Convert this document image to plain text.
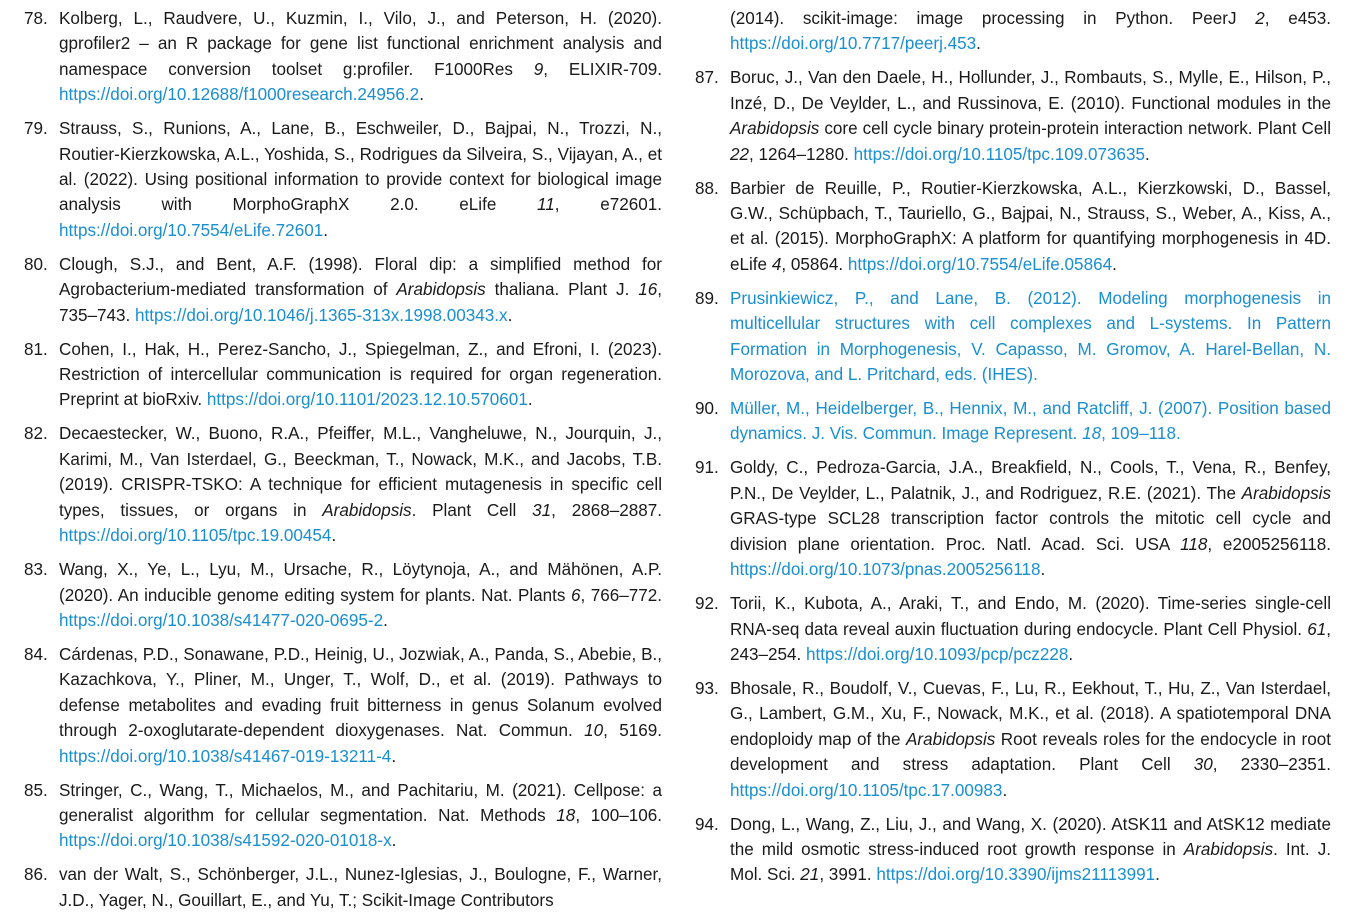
78. Kolberg, L., Raudvere, U., Kuzmin, I., Vilo, J., and Peterson, H. (2020). gprofiler2 – an R package for gene list functional enrichment analysis and namespace conversion toolset g:profiler. F1000Res 9, ELIXIR-709. https://doi.org/10.12688/f1000research.24956.2.
79. Strauss, S., Runions, A., Lane, B., Eschweiler, D., Bajpai, N., Trozzi, N., Routier-Kierzkowska, A.L., Yoshida, S., Rodrigues da Silveira, S., Vijayan, A., et al. (2022). Using positional information to provide context for biological image analysis with MorphoGraphX 2.0. eLife 11, e72601. https://doi.org/10.7554/eLife.72601.
80. Clough, S.J., and Bent, A.F. (1998). Floral dip: a simplified method for Agrobacterium-mediated transformation of Arabidopsis thaliana. Plant J. 16, 735–743. https://doi.org/10.1046/j.1365-313x.1998.00343.x.
81. Cohen, I., Hak, H., Perez-Sancho, J., Spiegelman, Z., and Efroni, I. (2023). Restriction of intercellular communication is required for organ regeneration. Preprint at bioRxiv. https://doi.org/10.1101/2023.12.10.570601.
82. Decaestecker, W., Buono, R.A., Pfeiffer, M.L., Vangheluwe, N., Jourquin, J., Karimi, M., Van Isterdael, G., Beeckman, T., Nowack, M.K., and Jacobs, T.B. (2019). CRISPR-TSKO: A technique for efficient mutagenesis in specific cell types, tissues, or organs in Arabidopsis. Plant Cell 31, 2868–2887. https://doi.org/10.1105/tpc.19.00454.
83. Wang, X., Ye, L., Lyu, M., Ursache, R., Löytynoja, A., and Mähönen, A.P. (2020). An inducible genome editing system for plants. Nat. Plants 6, 766–772. https://doi.org/10.1038/s41477-020-0695-2.
84. Cárdenas, P.D., Sonawane, P.D., Heinig, U., Jozwiak, A., Panda, S., Abebie, B., Kazachkova, Y., Pliner, M., Unger, T., Wolf, D., et al. (2019). Pathways to defense metabolites and evading fruit bitterness in genus Solanum evolved through 2-oxoglutarate-dependent dioxygenases. Nat. Commun. 10, 5169. https://doi.org/10.1038/s41467-019-13211-4.
85. Stringer, C., Wang, T., Michaelos, M., and Pachitariu, M. (2021). Cellpose: a generalist algorithm for cellular segmentation. Nat. Methods 18, 100–106. https://doi.org/10.1038/s41592-020-01018-x.
86. van der Walt, S., Schönberger, J.L., Nunez-Iglesias, J., Boulogne, F., Warner, J.D., Yager, N., Gouillart, E., and Yu, T.; Scikit-Image Contributors
(2014). scikit-image: image processing in Python. PeerJ 2, e453. https://doi.org/10.7717/peerj.453.
87. Boruc, J., Van den Daele, H., Hollunder, J., Rombauts, S., Mylle, E., Hilson, P., Inzé, D., De Veylder, L., and Russinova, E. (2010). Functional modules in the Arabidopsis core cell cycle binary protein-protein interaction network. Plant Cell 22, 1264–1280. https://doi.org/10.1105/tpc.109.073635.
88. Barbier de Reuille, P., Routier-Kierzkowska, A.L., Kierzkowski, D., Bassel, G.W., Schüpbach, T., Tauriello, G., Bajpai, N., Strauss, S., Weber, A., Kiss, A., et al. (2015). MorphoGraphX: A platform for quantifying morphogenesis in 4D. eLife 4, 05864. https://doi.org/10.7554/eLife.05864.
89. Prusinkiewicz, P., and Lane, B. (2012). Modeling morphogenesis in multicellular structures with cell complexes and L-systems. In Pattern Formation in Morphogenesis, V. Capasso, M. Gromov, A. Harel-Bellan, N. Morozova, and L. Pritchard, eds. (IHES).
90. Müller, M., Heidelberger, B., Hennix, M., and Ratcliff, J. (2007). Position based dynamics. J. Vis. Commun. Image Represent. 18, 109–118.
91. Goldy, C., Pedroza-Garcia, J.A., Breakfield, N., Cools, T., Vena, R., Benfey, P.N., De Veylder, L., Palatnik, J., and Rodriguez, R.E. (2021). The Arabidopsis GRAS-type SCL28 transcription factor controls the mitotic cell cycle and division plane orientation. Proc. Natl. Acad. Sci. USA 118, e2005256118. https://doi.org/10.1073/pnas.2005256118.
92. Torii, K., Kubota, A., Araki, T., and Endo, M. (2020). Time-series single-cell RNA-seq data reveal auxin fluctuation during endocycle. Plant Cell Physiol. 61, 243–254. https://doi.org/10.1093/pcp/pcz228.
93. Bhosale, R., Boudolf, V., Cuevas, F., Lu, R., Eekhout, T., Hu, Z., Van Isterdael, G., Lambert, G.M., Xu, F., Nowack, M.K., et al. (2018). A spatiotemporal DNA endoploidy map of the Arabidopsis Root reveals roles for the endocycle in root development and stress adaptation. Plant Cell 30, 2330–2351. https://doi.org/10.1105/tpc.17.00983.
94. Dong, L., Wang, Z., Liu, J., and Wang, X. (2020). AtSK11 and AtSK12 mediate the mild osmotic stress-induced root growth response in Arabidopsis. Int. J. Mol. Sci. 21, 3991. https://doi.org/10.3390/ijms21113991.
